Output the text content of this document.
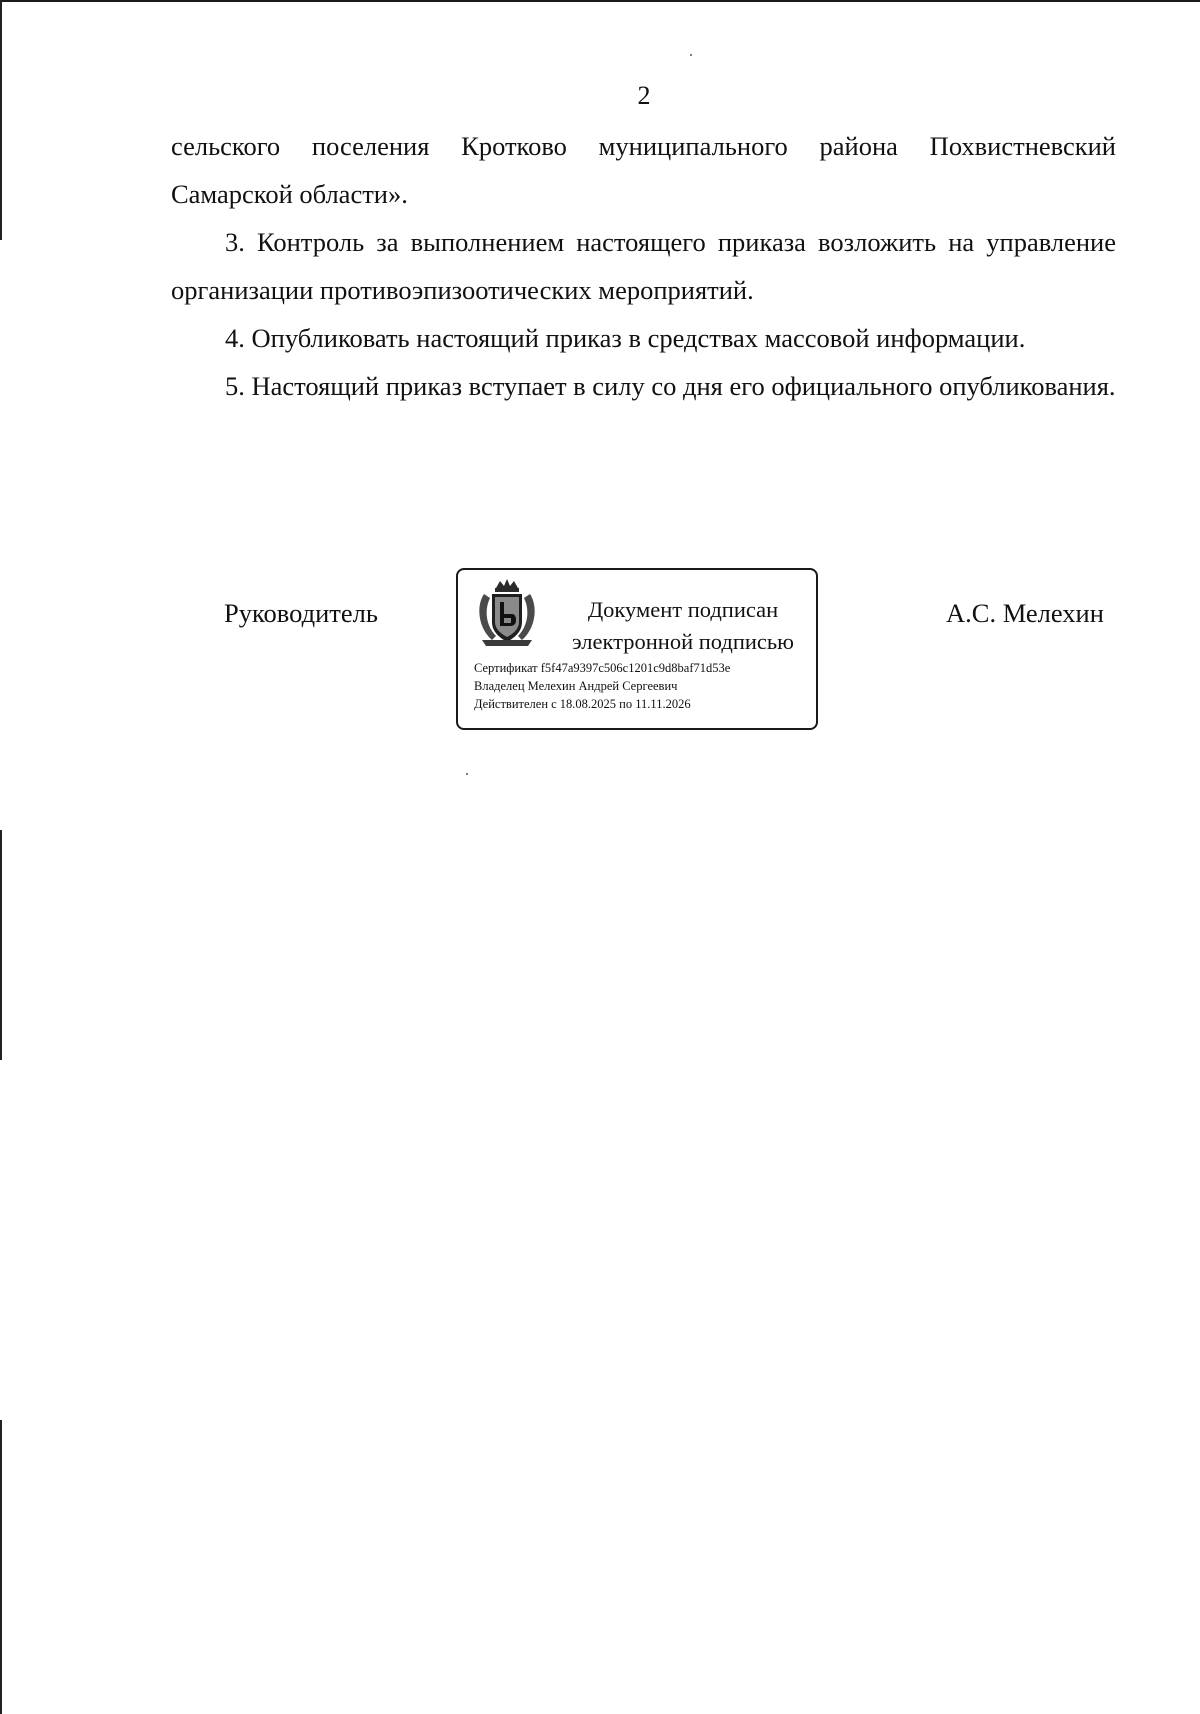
2

сельского поселения Кротково муниципального района Похвистневский Самарской области».

3. Контроль за выполнением настоящего приказа возложить на управление организации противоэпизоотических мероприятий.

4. Опубликовать настоящий приказ в средствах массовой информации.

5. Настоящий приказ вступает в силу со дня его официального опубликования.

Руководитель	Документ подписан
электронной подписью
Сертификат f5f47a9397c506c1201c9d8baf71d53e
Владелец Мелехин Андрей Сергеевич
Действителен с 18.08.2025 по 11.11.2026
А.С. Мелехин
